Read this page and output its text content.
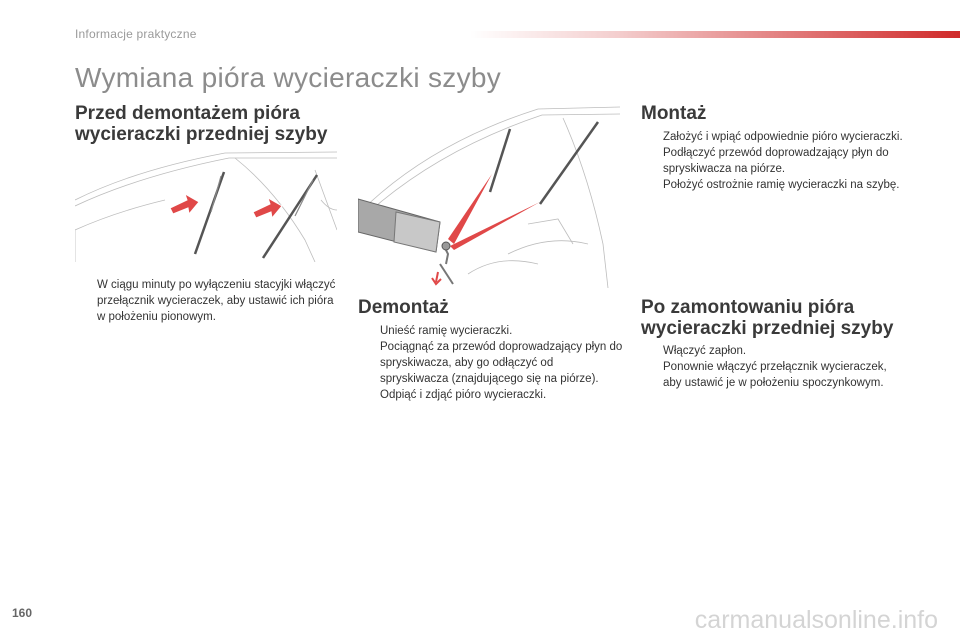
Informacje praktyczne
Wymiana pióra wycieraczki szyby
Przed demontażem pióra
wycieraczki przedniej szyby
W ciągu minuty po wyłączeniu stacyjki włączyć przełącznik wycieraczek, aby ustawić ich pióra w położeniu pionowym.	Demontaż
Unieść ramię wycieraczki.
Pociągnąć za przewód doprowadzający płyn do spryskiwacza, aby go odłączyć od spryskiwacza (znajdującego się na piórze).
Odpiąć i zdjąć pióro wycieraczki.
Montaż
Założyć i wpiąć odpowiednie pióro wycieraczki.
Podłączyć przewód doprowadzający płyn do spryskiwacza na piórze.
Położyć ostrożnie ramię wycieraczki na szybę.
Po zamontowaniu pióra
wycieraczki przedniej szyby
Włączyć zapłon.
Ponownie włączyć przełącznik wycieraczek, aby ustawić je w położeniu spoczynkowym.
160	carmanualsonline.info
